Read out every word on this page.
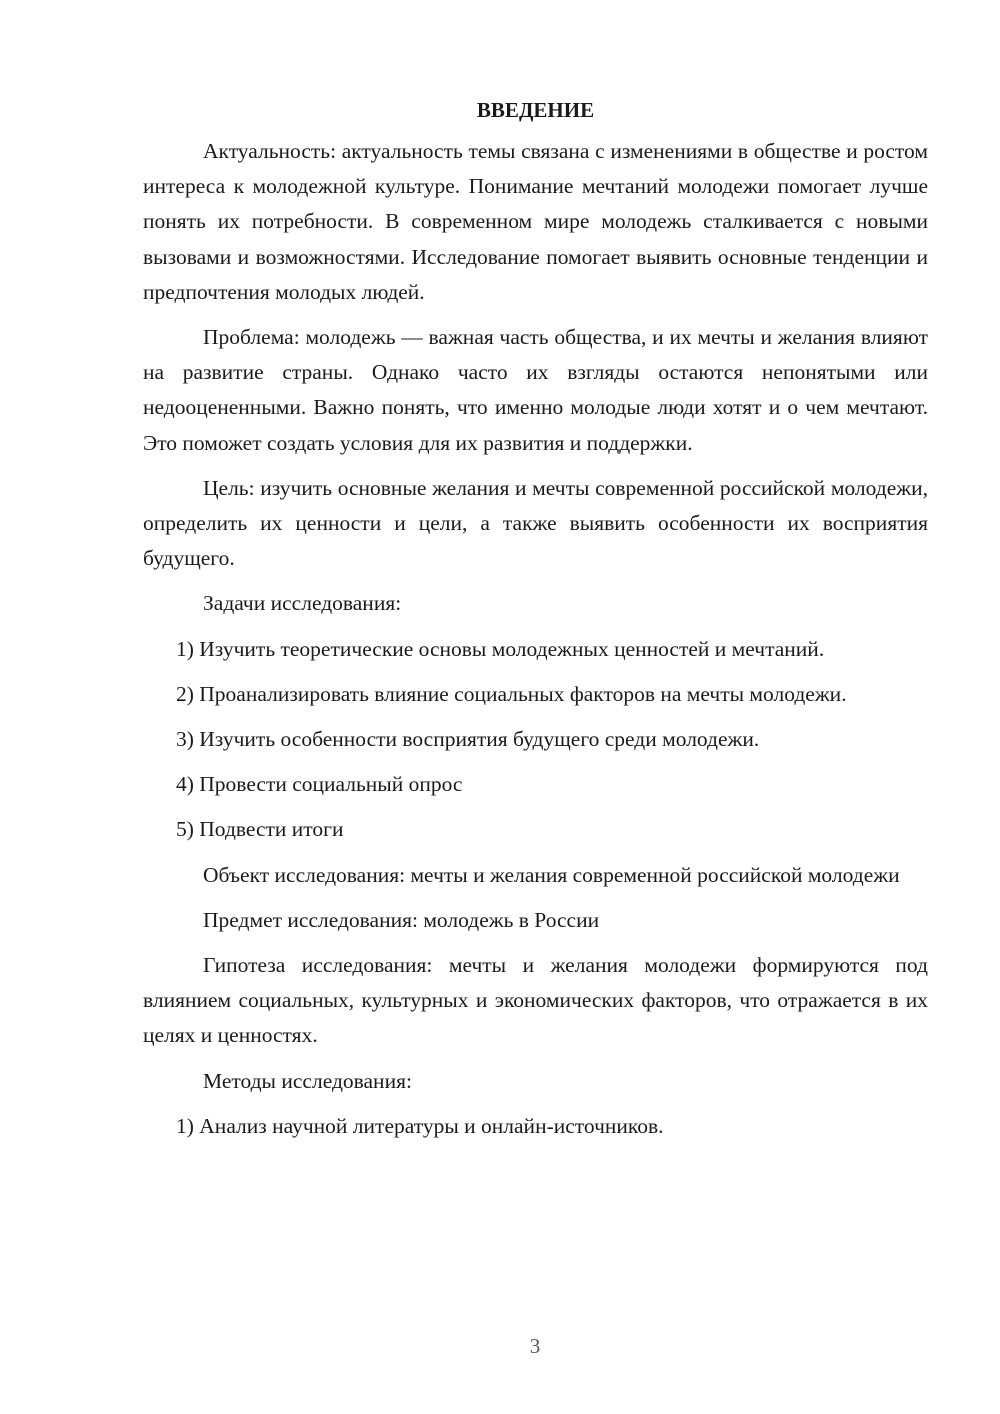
ВВЕДЕНИЕ

Актуальность: актуальность темы связана с изменениями в обществе и ростом интереса к молодежной культуре. Понимание мечтаний молодежи помогает лучше понять их потребности. В современном мире молодежь сталкивается с новыми вызовами и возможностями. Исследование помогает выявить основные тенденции и предпочтения молодых людей.

Проблема: молодежь — важная часть общества, и их мечты и желания влияют на развитие страны. Однако часто их взгляды остаются непонятыми или недооцененными. Важно понять, что именно молодые люди хотят и о чем мечтают. Это поможет создать условия для их развития и поддержки.

Цель: изучить основные желания и мечты современной российской молодежи, определить их ценности и цели, а также выявить особенности их восприятия будущего.

Задачи исследования:

1) Изучить теоретические основы молодежных ценностей и мечтаний.

2) Проанализировать влияние социальных факторов на мечты молодежи.

3) Изучить особенности восприятия будущего среди молодежи.

4) Провести социальный опрос

5) Подвести итоги

Объект исследования: мечты и желания современной российской молодежи

Предмет исследования: молодежь в России

Гипотеза исследования: мечты и желания молодежи формируются под влиянием социальных, культурных и экономических факторов, что отражается в их целях и ценностях.

Методы исследования:

1) Анализ научной литературы и онлайн-источников.

3
